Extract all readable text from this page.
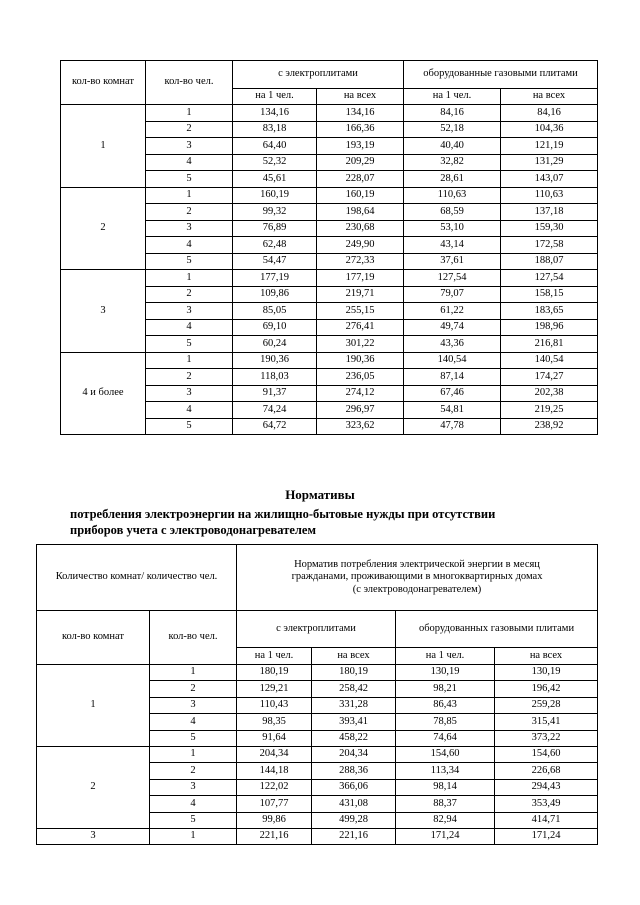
кол-во комнат	кол-во чел.	с электроплитами		оборудованные газовыми плитами	
		на 1 чел.	на всех	на 1 чел.	на всех
1	1	134,16	134,16	84,16	84,16
	2	83,18	166,36	52,18	104,36
	3	64,40	193,19	40,40	121,19
	4	52,32	209,29	32,82	131,29
	5	45,61	228,07	28,61	143,07
2	1	160,19	160,19	110,63	110,63
	2	99,32	198,64	68,59	137,18
	3	76,89	230,68	53,10	159,30
	4	62,48	249,90	43,14	172,58
	5	54,47	272,33	37,61	188,07
3	1	177,19	177,19	127,54	127,54
	2	109,86	219,71	79,07	158,15
	3	85,05	255,15	61,22	183,65
	4	69,10	276,41	49,74	198,96
	5	60,24	301,22	43,36	216,81
4 и более	1	190,36	190,36	140,54	140,54
	2	118,03	236,05	87,14	174,27
	3	91,37	274,12	67,46	202,38
	4	74,24	296,97	54,81	219,25
	5	64,72	323,62	47,78	238,92
Нормативы
потребления электроэнергии на жилищно-бытовые нужды при отсутствии
приборов учета с электроводонагревателем
Количество комнат/ количество чел.		Норматив потребления электрической энергии в месяц
гражданами, проживающими в многоквартирных домах
(с электроводонагревателем)			

кол-во комнат	кол-во чел.	с электроплитами		оборудованных газовыми плитами	
		на 1 чел.	на всех	на 1 чел.	на всех
1	1	180,19	180,19	130,19	130,19
	2	129,21	258,42	98,21	196,42
	3	110,43	331,28	86,43	259,28
	4	98,35	393,41	78,85	315,41
	5	91,64	458,22	74,64	373,22
2	1	204,34	204,34	154,60	154,60
	2	144,18	288,36	113,34	226,68
	3	122,02	366,06	98,14	294,43
	4	107,77	431,08	88,37	353,49
	5	99,86	499,28	82,94	414,71
3	1	221,16	221,16	171,24	171,24
